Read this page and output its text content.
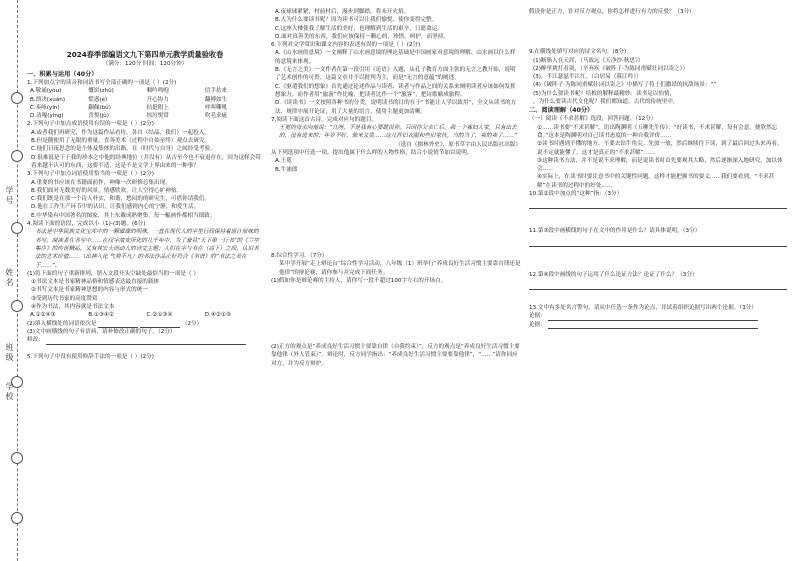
学
号
姓
名
班
级
学
校

2024春季部编语文九下第四单元教学质量验收卷

（满分：120分 时间：120分钟）

一、积累与运用（40分）

1.下列加点字的读音和词语书写全部正确的一项是（ ）(2分)

A.敬诵(yòu)	慨饼(zhǔ)	咽吟鸣咆	信手拈来
B.溃决(xuán)	慌惑(è)	开心协力	翻搏如生
C.奏咏(yín)	翻佩(bǔ)	拈挺附上	呼叫嘶吼
D.清嘎(yíng)	喜悦(jù)	惊厉悦常	吹毛求疵

2.下列句子中加点成语使用有误的一项是（ ）(2分)

A.或者我们再研究，作为这篇作品看待，各自（结晶，我们）一起投入。

B.但是随便用了无限的重量，直奔美术（过程中自始至终）观点去研究。

C.他们日夜思念的是个体及集体的出路，在（时代与自身）之间经受考验。

D.很难说是于于我的珍本之中他的经典地位（并没有）从古至今也不衰退存在，因为这样会带着来越不认可的东西，这要不适，这是不是文学上界由来的一种事？

3.下列句子中加点词语使用恰当的一项是（ ）(2分)

A.重要的书应该在书籍面前作，神像一次研修总集出现。

B.我们面对无数美好的风景，情感欣欢，让人空得心旷神怡。

C.我们既是在那一个诗人朴实，和谐，愁闷的的研究生，可借你请我们。

D.他在工作生产环节中的认识，让我们感到内心的宁静，和爱生活。

E.中华染有中国著名的图家，其上东戴成熟聚集，每一幅画作都相当细致。

4.阅读下面的语段，完成以小（1)-(3)题。(6分)

书法是中华民族文化宝库中的一颗璀璨的明珠，一直在现代人的字里行间保持着原汁原味的书写。阅读者在书写中……在汉字演变所化的几千年中，为了兼具“天下第一行书”的《兰亭集序》的传世精品，又有其宏大而动人的诗文主题；人们在字与书在（高下）之间，认识书法的艺术价值……（出神入化 气势不凡）的书法作品正好符合《书谱》的“书法之美在于……”。

(1)将下面的句子重新排列，填入文段开头空缺处最恰当的一项是（ ）

①书法文本是书家精神品格和情感表达最直接的载体

②书写文本是书家精神思想的内容与形式的统一

③受到历代书家的高度赞赏

④作为书法，其内容就是书法文本

A.①②④③	B.①③④②	C.②①③④	D.④②①③

(2)填入横线处的词语依次是	（2分）

(3)文中画横线的句子有语病，请补修改正确的句子。（2分）

修改：

5.下列句子中没有使用修辞手法的一项是（ ）(2分)

A.夜球球紧紧，村前村后，漫步到脚踏，将未开火焰。

B.人为什么要读书呢？因为读书可以让我们愉悦，使你变得完整。

C.这座大楼使我了解生活的美好，也理解到生活的艰辛，只愿命运。

D.面对真善美的东西，我们应该保持一颗心的，珍惜，呵护，而坚持。

6.下列对文学常识和课文内容的表述有误的一项是（ ）(2分)

A.《山水画的意境》一文阐释了山水画意境的理论基础是中国画家对意境的理解、山水画以什么样的意境来体现。

B.《无言之美》一文作者在第一段引用《论语》入题，从孔子教育方面主张的无言之教开始，说明了艺术创作的可贵。这篇文章并不以批判为主，而是“无言的意蕴”的阐述。

C.《驱遣我们的想象》首先通过论述作品与读者、读者与作品之间的关系来阐明读者应该如何发挥想象力。而作者用“旅游”作比喻，把读者比作一个“旅客”，把诗歌喻成旅程。

D.《谈读书》一文按照各种书的分类，说明读书的目的在于“书能让人学以致用”，全文从读书的方法、规律中展开论证，用了大量的语言，使用主题更加清晰。

7.阅读下面这首古诗，完成对应句的题目。

王冕的母亲向他说：“儿呀，不是我有心要耽误你。只因你父亲亡后，我一个寡妇人家，只有出去的，没有进来的；年岁不好，柴米又贵……这几件旧衣服和些旧家伙，当的当了，卖的卖了……”

（选自《儒林外史》，原书草字由人民出版社出版）

从下列选项中任选一项，提出他属于什么样的人物性格，结合小说情节加以说明。

A.王冕

B.牛浦郎

8.综合性学习。（7分）

某中学开展“走上辩论台”综合性学习活动，八年级（1）班举行“养成良好生活习惯主要靠自律还是他律”的辩论赛，请你参与并完成下面任务。

(1)假如你是辩论赛的主持人，请你写一段不超过100字左右的开场白。

(2)正方的观点是“养成良好生活习惯主要靠自律（自我约束）”，反方的观点是“养成良好生活习惯主要靠他律（外人管束）”。辩论时，反方同学指出：“养成良好生活习惯主要要靠他律”，“……”请你回应对方，并为反方辩护。

假设你是正方，针对反方观点，你将怎样进行有力的反驳？（3分）

9.在横线处填写对应的诗文名句。(8分)

(1)断肠人在天涯，（马致远《天净沙·秋思》）

(2)醉里挑灯看剑，（辛弃疾《破阵子·为陈同甫赋壮词以寄之》）

(3)，半江瑟瑟半江红。（白居易《暮江吟》）

(4)《破阵子·为陈同甫赋壮词以寄之》中描写了将士们激昂的抗敌场景：“”

(5)为什么要读书呢？培根的解释最精妙：读书足以怡情，

，为什么要读古代文化呢？我们都知道，古代的传统里中，

二、阅读理解（40分）

（一）阅读《不求甚解》选段，回答问题。（12分）

①……读书要“不求甚解”，语出陶渊明《五柳先生传》：“好读书，不求甚解，每有会意，便欣然忘食。”这本是陶渊明对自己读书态度的一种自我评价……

②读书时遇到不懂的地方，不要去钻牛角尖。先放一放，然后继续往下读，到了最后回过头来再看，说不定就能懂了。这才是真正的“不求甚解”……

③这种读书方法，并不是说不求理解，而是说读书时首先要观其大略，然后逐渐深入地研究，加以体会……

④实际上，在读书时要注意书中的关键性问题，这样才能把握书的要义……我们要看到，“不求甚解”在读书的过程中的好处……

10.第②段中加点的“这种”指：（3分）

11.第③段中画横线的句子在文中的作用是什么？请具体说明。（3分）

12.第④段中画线的句子运用了什么论证方法？论证了什么？（3分）

13.文中有多处名言警句，请从中任选一条作为论点，并试着组织论据写出两个论据。（3分）

论据：

论据：
